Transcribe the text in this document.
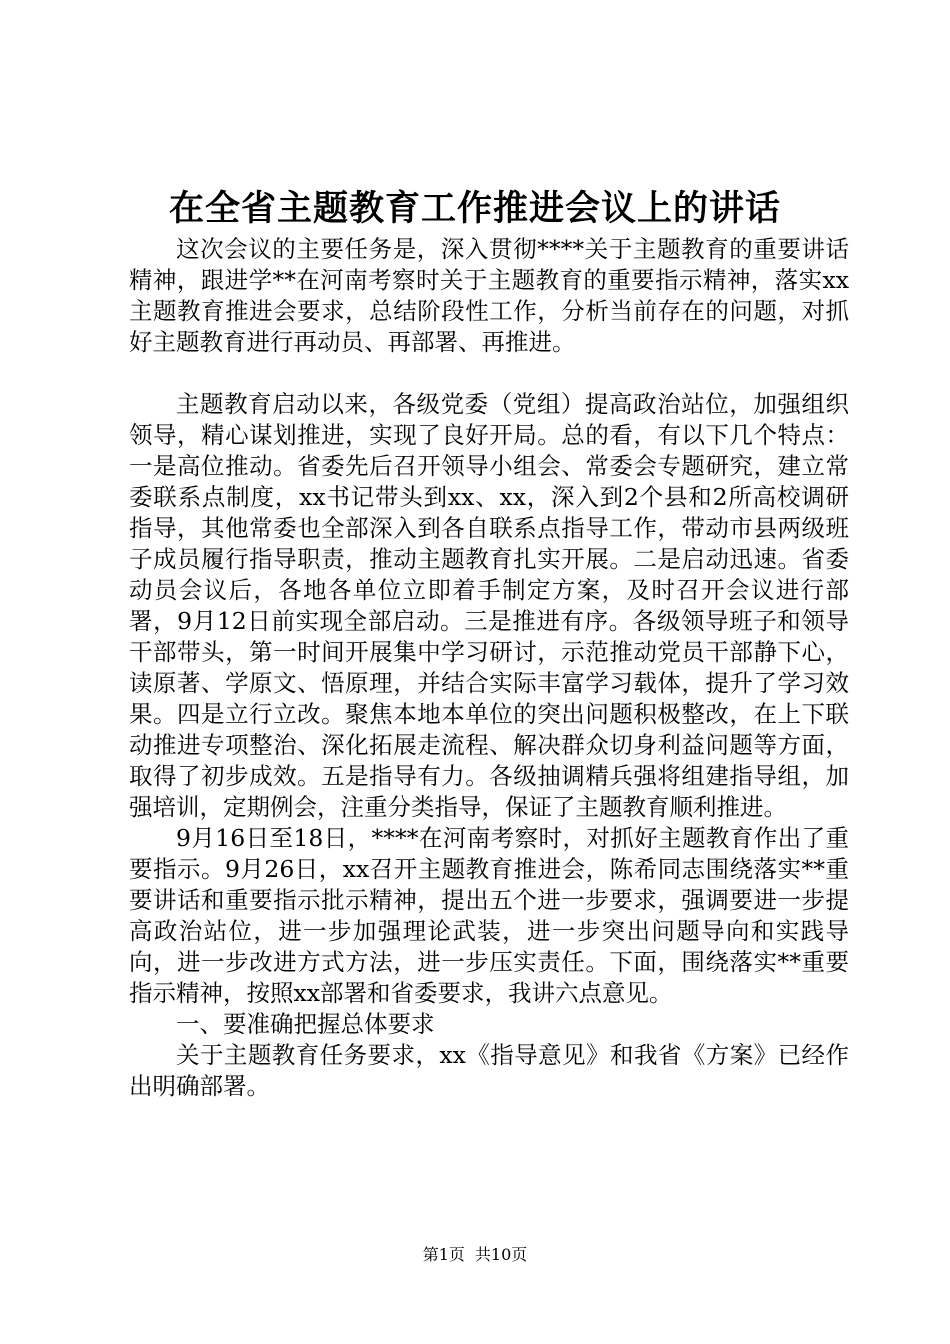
在全省主题教育工作推进会议上的讲话

这次会议的主要任务是，深入贯彻****关于主题教育的重要讲话精神，跟进学**在河南考察时关于主题教育的重要指示精神，落实xx主题教育推进会要求，总结阶段性工作，分析当前存在的问题，对抓好主题教育进行再动员、再部署、再推进。

主题教育启动以来，各级党委（党组）提高政治站位，加强组织领导，精心谋划推进，实现了良好开局。总的看，有以下几个特点：一是高位推动。省委先后召开领导小组会、常委会专题研究，建立常委联系点制度，xx书记带头到xx、xx，深入到2个县和2所高校调研指导，其他常委也全部深入到各自联系点指导工作，带动市县两级班子成员履行指导职责，推动主题教育扎实开展。二是启动迅速。省委动员会议后，各地各单位立即着手制定方案，及时召开会议进行部署，9月12日前实现全部启动。三是推进有序。各级领导班子和领导干部带头，第一时间开展集中学习研讨，示范推动党员干部静下心，读原著、学原文、悟原理，并结合实际丰富学习载体，提升了学习效果。四是立行立改。聚焦本地本单位的突出问题积极整改，在上下联动推进专项整治、深化拓展走流程、解决群众切身利益问题等方面，取得了初步成效。五是指导有力。各级抽调精兵强将组建指导组，加强培训，定期例会，注重分类指导，保证了主题教育顺利推进。

9月16日至18日，****在河南考察时，对抓好主题教育作出了重要指示。9月26日，xx召开主题教育推进会，陈希同志围绕落实**重要讲话和重要指示批示精神，提出五个进一步要求，强调要进一步提高政治站位，进一步加强理论武装，进一步突出问题导向和实践导向，进一步改进方式方法，进一步压实责任。下面，围绕落实**重要指示精神，按照xx部署和省委要求，我讲六点意见。

一、要准确把握总体要求

关于主题教育任务要求，xx《指导意见》和我省《方案》已经作出明确部署。

第1页 共10页
